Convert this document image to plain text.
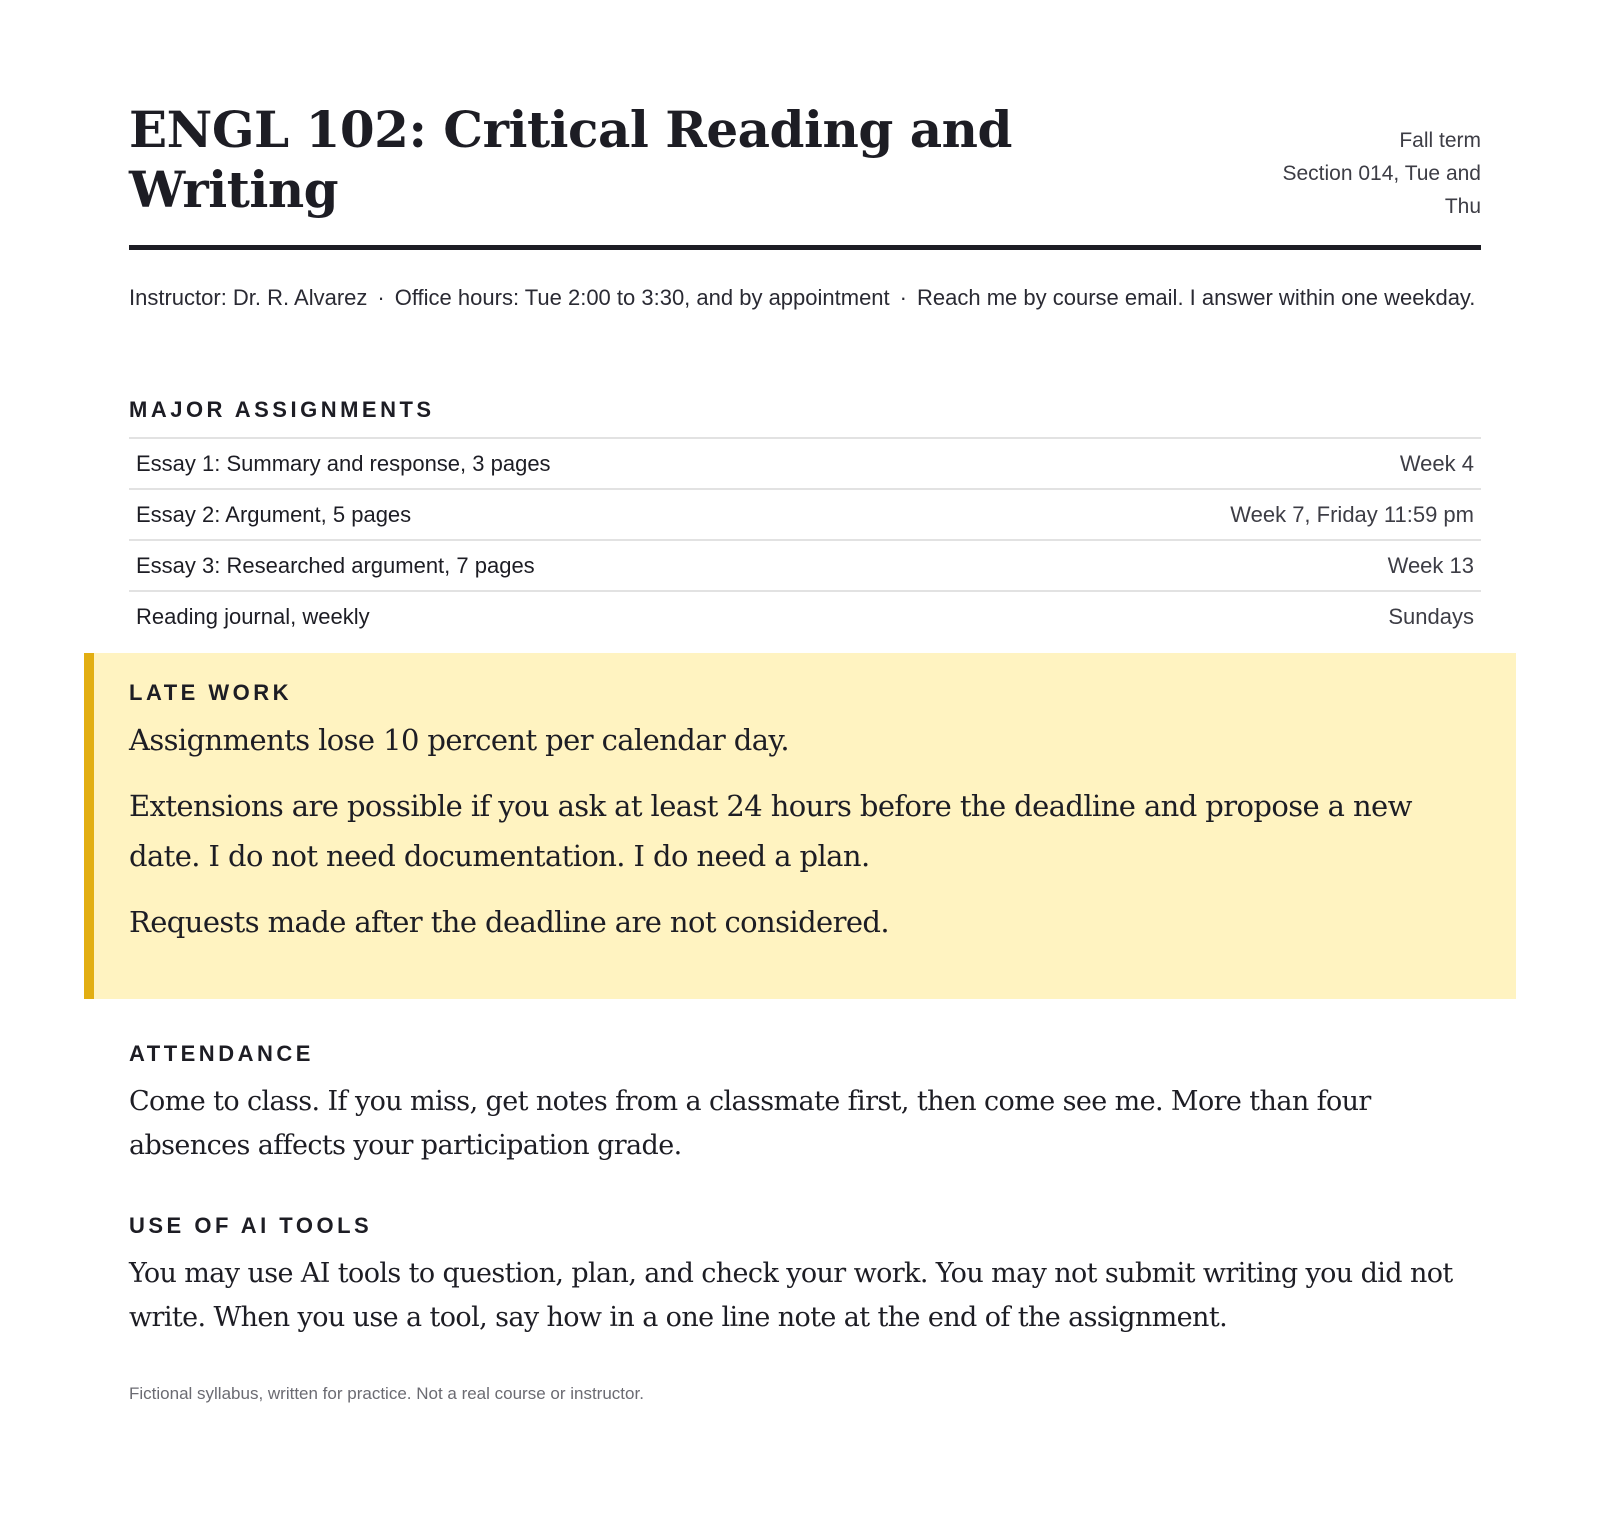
ENGL 102: Critical Reading and Writing
Fall term
Section 014, Tue and
Thu
Instructor: Dr. R. Alvarez · Office hours: Tue 2:00 to 3:30, and by appointment · Reach me by course email. I answer within one weekday.
MAJOR ASSIGNMENTS
Essay 1: Summary and response, 3 pages	Week 4
Essay 2: Argument, 5 pages	Week 7, Friday 11:59 pm
Essay 3: Researched argument, 7 pages	Week 13
Reading journal, weekly	Sundays
ATTENDANCE

Come to class. If you miss, get notes from a classmate first, then come see me. More than four absences affects your participation grade.

USE OF AI TOOLS

You may use AI tools to question, plan, and check your work. You may not submit writing you did not write. When you use a tool, say how in a one line note at the end of the assignment.

Fictional syllabus, written for practice. Not a real course or instructor.
LATE WORK

Assignments lose 10 percent per calendar day.

Extensions are possible if you ask at least 24 hours before the deadline and propose a new date. I do not need documentation. I do need a plan.

Requests made after the deadline are not considered.
